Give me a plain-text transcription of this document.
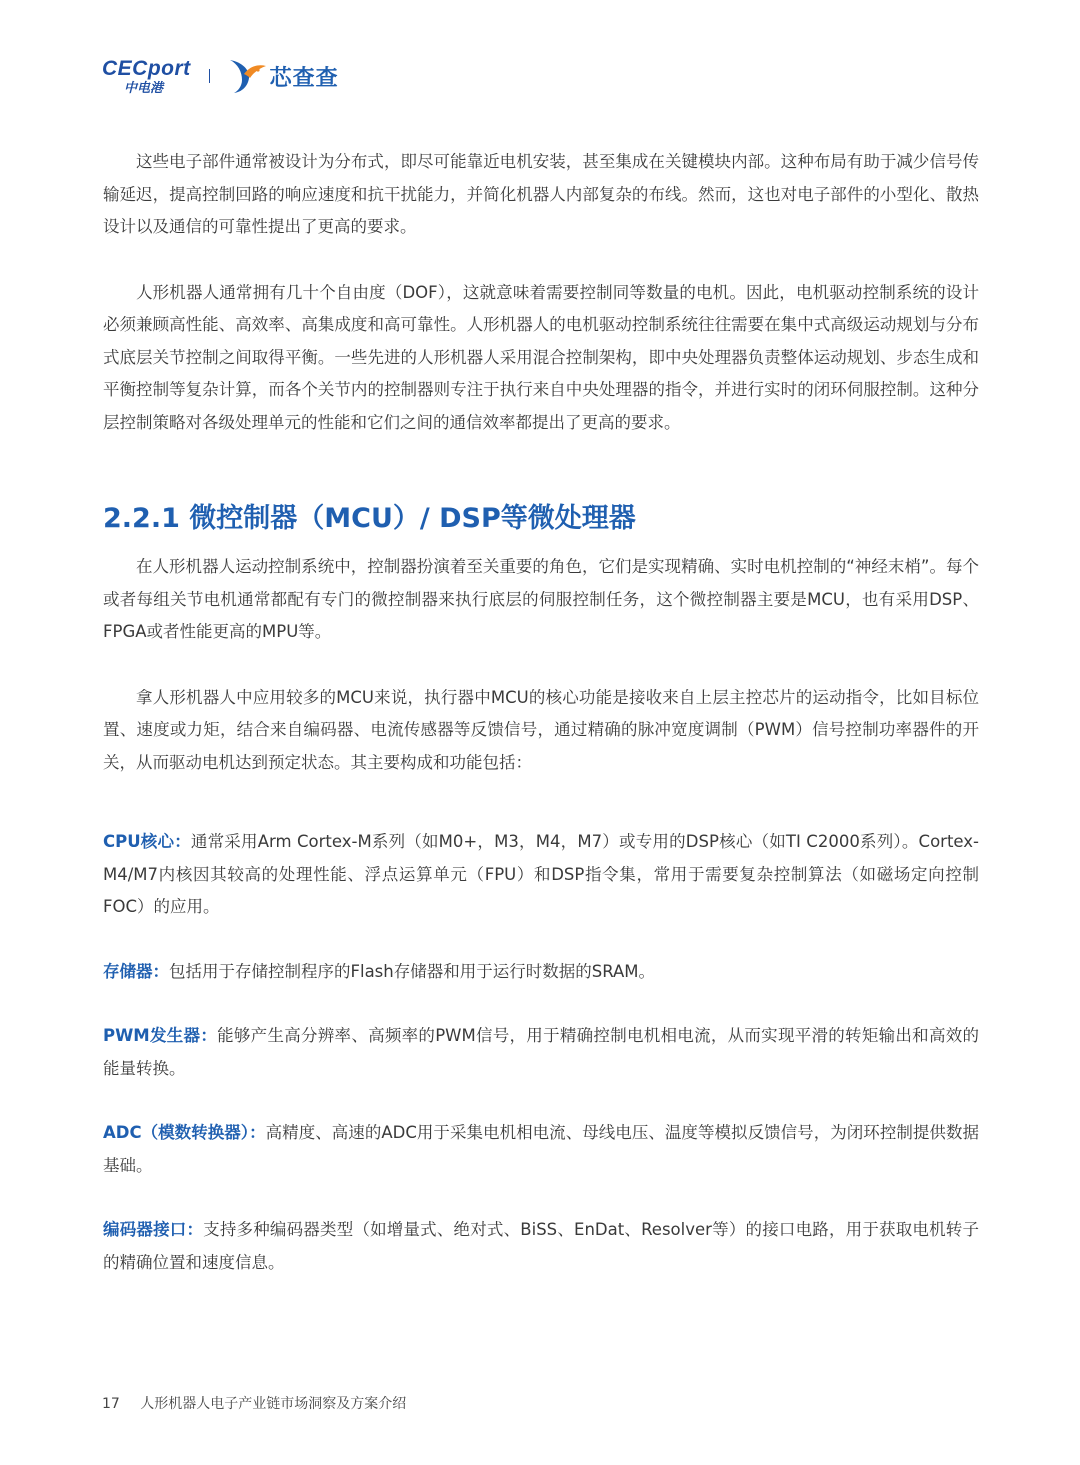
CECport
中电港	芯查查

这些电子部件通常被设计为分布式，即尽可能靠近电机安装，甚至集成在关键模块内部。这种布局有助于减少信号传输延迟，提高控制回路的响应速度和抗干扰能力，并简化机器人内部复杂的布线。然而，这也对电子部件的小型化、散热设计以及通信的可靠性提出了更高的要求。

人形机器人通常拥有几十个自由度（DOF），这就意味着需要控制同等数量的电机。因此，电机驱动控制系统的设计必须兼顾高性能、高效率、高集成度和高可靠性。人形机器人的电机驱动控制系统往往需要在集中式高级运动规划与分布式底层关节控制之间取得平衡。一些先进的人形机器人采用混合控制架构，即中央处理器负责整体运动规划、步态生成和平衡控制等复杂计算，而各个关节内的控制器则专注于执行来自中央处理器的指令，并进行实时的闭环伺服控制。这种分层控制策略对各级处理单元的性能和它们之间的通信效率都提出了更高的要求。

2.2.1 微控制器（MCU）/ DSP等微处理器

在人形机器人运动控制系统中，控制器扮演着至关重要的角色，它们是实现精确、实时电机控制的“神经末梢”。每个或者每组关节电机通常都配有专门的微控制器来执行底层的伺服控制任务，这个微控制器主要是MCU，也有采用DSP、FPGA或者性能更高的MPU等。

拿人形机器人中应用较多的MCU来说，执行器中MCU的核心功能是接收来自上层主控芯片的运动指令，比如目标位置、速度或力矩，结合来自编码器、电流传感器等反馈信号，通过精确的脉冲宽度调制（PWM）信号控制功率器件的开关，从而驱动电机达到预定状态。其主要构成和功能包括：

CPU核心：通常采用Arm Cortex-M系列（如M0+，M3，M4，M7）或专用的DSP核心（如TI C2000系列）。Cortex-M4/M7内核因其较高的处理性能、浮点运算单元（FPU）和DSP指令集，常用于需要复杂控制算法（如磁场定向控制FOC）的应用。

存储器：包括用于存储控制程序的Flash存储器和用于运行时数据的SRAM。

PWM发生器：能够产生高分辨率、高频率的PWM信号，用于精确控制电机相电流，从而实现平滑的转矩输出和高效的能量转换。

ADC（模数转换器）：高精度、高速的ADC用于采集电机相电流、母线电压、温度等模拟反馈信号，为闭环控制提供数据基础。

编码器接口：支持多种编码器类型（如增量式、绝对式、BiSS、EnDat、Resolver等）的接口电路，用于获取电机转子的精确位置和速度信息。

17 人形机器人电子产业链市场洞察及方案介绍
